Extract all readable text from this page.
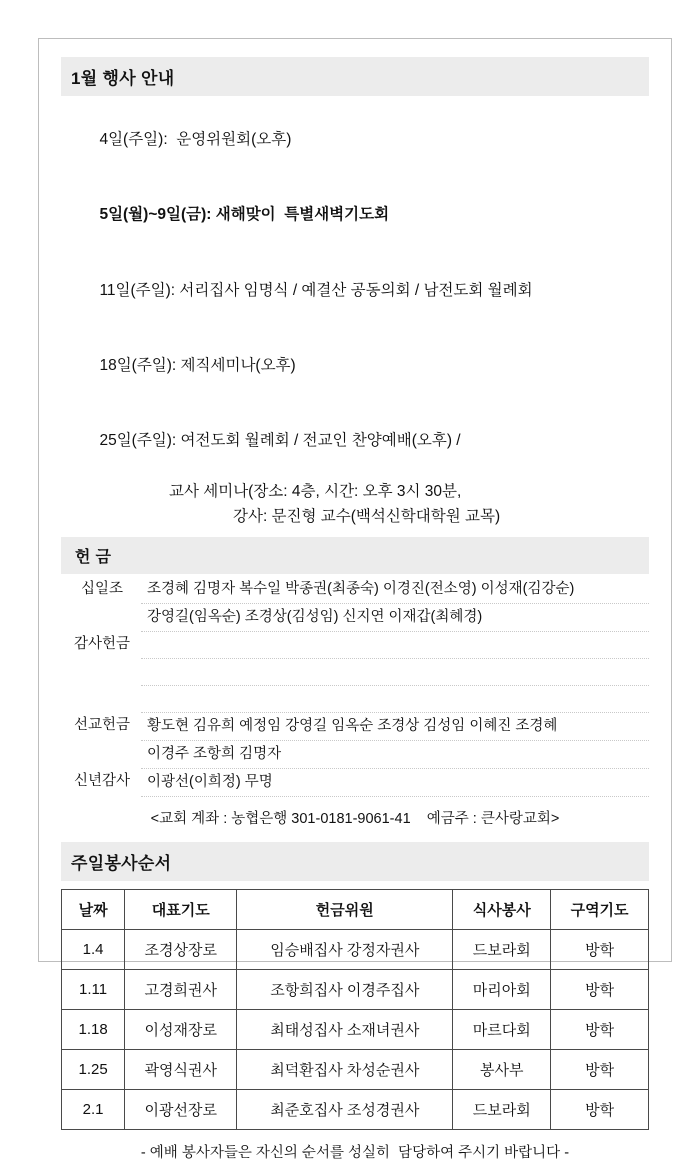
1월 행사 안내

4일(주일):  운영위원회(오후)

5일(월)~9일(금): 새해맞이  특별새벽기도회

11일(주일): 서리집사 임명식 / 예결산 공동의회 / 남전도회 월례회

18일(주일): 제직세미나(오후)

25일(주일): 여전도회 월례회 / 전교인 찬양예배(오후) /

교사 세미나(장소: 4층, 시간: 오후 3시 30분,
강사: 문진형 교수(백석신학대학원 교목)
헌 금
십일조	조경혜 김명자 복수일 박종권(최종숙) 이경진(전소영) 이성재(김강순)
	강영길(임옥순) 조경상(김성임) 신지연 이재갑(최혜경)
감사헌금	

선교헌금	황도현 김유희 예정임 강영길 임옥순 조경상 김성임 이혜진 조경혜
	이경주 조항희 김명자
신년감사	이광선(이희정) 무명
<교회 계좌 : 농협은행 301-0181-9061-41    예금주 : 큰사랑교회>
주일봉사순서
날짜	대표기도	헌금위원	식사봉사	구역기도
1.4	조경상장로	임승배집사 강정자권사	드보라회	방학
1.11	고경희권사	조항희집사 이경주집사	마리아회	방학
1.18	이성재장로	최태성집사 소재녀권사	마르다회	방학
1.25	곽영식권사	최덕환집사 차성순권사	봉사부	방학
2.1	이광선장로	최준호집사 조성경권사	드보라회	방학
- 예배 봉사자들은 자신의 순서를 성실히  담당하여 주시기 바랍니다 -
